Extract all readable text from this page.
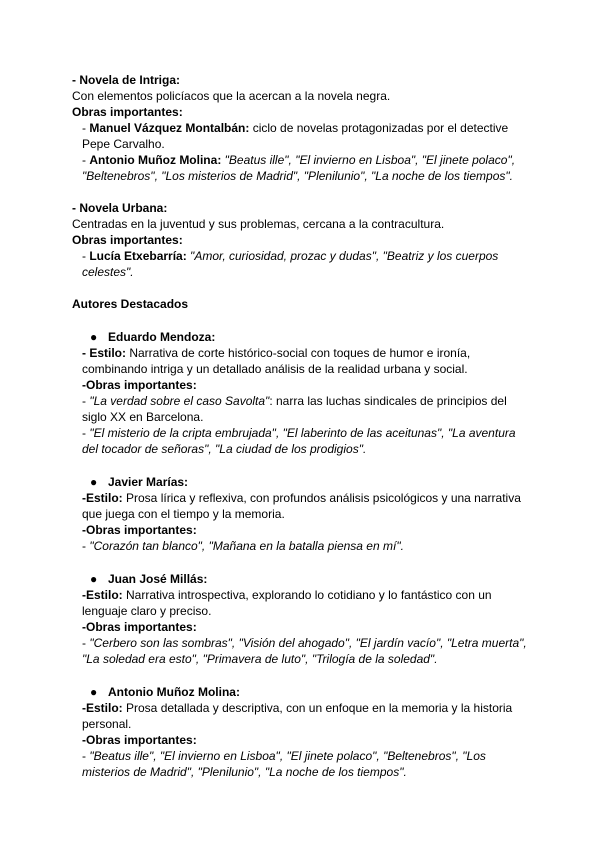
- Novela de Intriga:

Con elementos policíacos que la acercan a la novela negra.

Obras importantes:

- Manuel Vázquez Montalbán: ciclo de novelas protagonizadas por el detective Pepe Carvalho.

- Antonio Muñoz Molina: "Beatus ille", "El invierno en Lisboa", "El jinete polaco", "Beltenebros", "Los misterios de Madrid", "Plenilunio", "La noche de los tiempos".

- Novela Urbana:

Centradas en la juventud y sus problemas, cercana a la contracultura.

Obras importantes:

- Lucía Etxebarría: "Amor, curiosidad, prozac y dudas", "Beatriz y los cuerpos celestes".

Autores Destacados

● Eduardo Mendoza:

- Estilo: Narrativa de corte histórico-social con toques de humor e ironía, combinando intriga y un detallado análisis de la realidad urbana y social.

-Obras importantes:

- "La verdad sobre el caso Savolta": narra las luchas sindicales de principios del siglo XX en Barcelona.

- "El misterio de la cripta embrujada", "El laberinto de las aceitunas", "La aventura del tocador de señoras", "La ciudad de los prodigios".

● Javier Marías:

-Estilo: Prosa lírica y reflexiva, con profundos análisis psicológicos y una narrativa que juega con el tiempo y la memoria.

-Obras importantes:

- "Corazón tan blanco", "Mañana en la batalla piensa en mí".

● Juan José Millás:

-Estilo: Narrativa introspectiva, explorando lo cotidiano y lo fantástico con un lenguaje claro y preciso.

-Obras importantes:

- "Cerbero son las sombras", "Visión del ahogado", "El jardín vacío", "Letra muerta", "La soledad era esto", "Primavera de luto", "Trilogía de la soledad".

● Antonio Muñoz Molina:

-Estilo: Prosa detallada y descriptiva, con un enfoque en la memoria y la historia personal.

-Obras importantes:

- "Beatus ille", "El invierno en Lisboa", "El jinete polaco", "Beltenebros", "Los misterios de Madrid", "Plenilunio", "La noche de los tiempos".
